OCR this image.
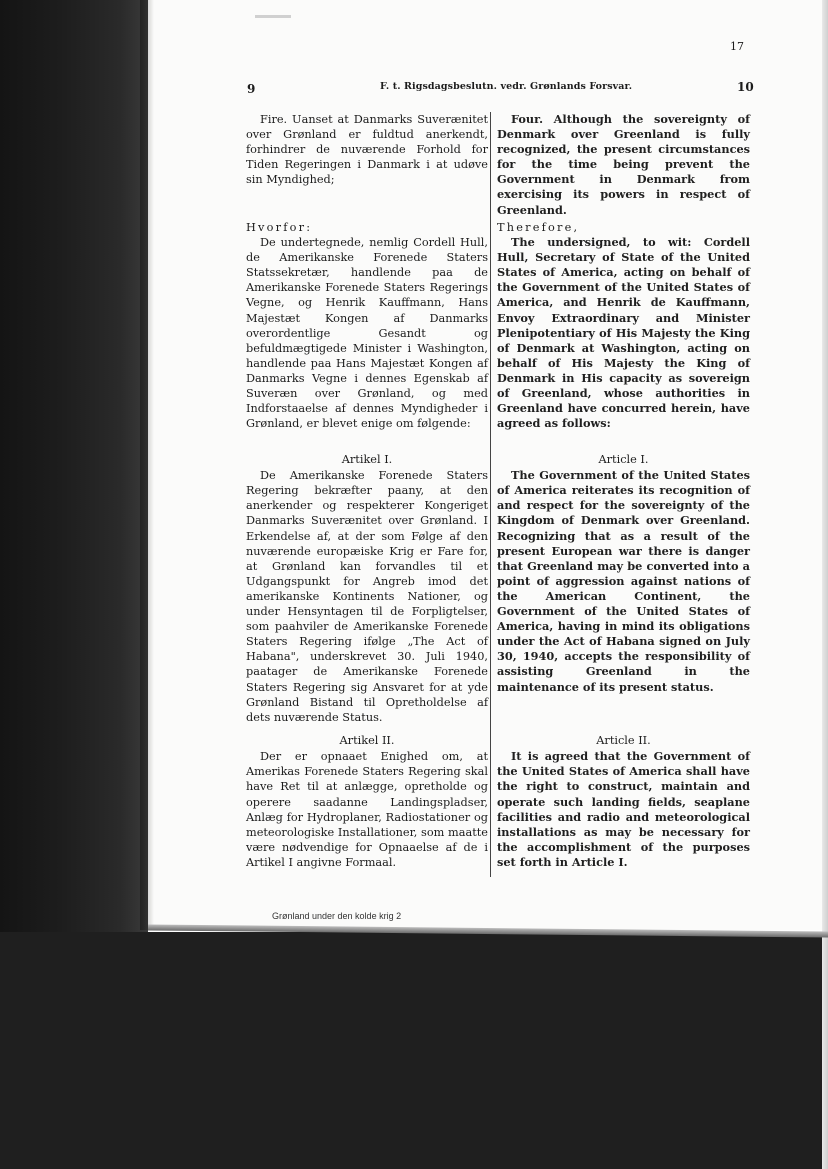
17
9	F. t. Rigsdagsbeslutn. vedr. Grønlands Forsvar.	10

Fire. Uanset at Danmarks Suverænitet over Grønland er fuldtud anerkendt, forhindrer de nuværende Forhold for Tiden Regeringen i Danmark i at udøve sin Myndighed;

Hvorfor:

De undertegnede, nemlig Cordell Hull, de Amerikanske Forenede Staters Statssekretær, handlende paa de Amerikanske Forenede Staters Regerings Vegne, og Henrik Kauffmann, Hans Majestæt Kongen af Danmarks overordentlige Gesandt og befuldmægtigede Minister i Washington, handlende paa Hans Majestæt Kongen af Danmarks Vegne i dennes Egenskab af Suveræn over Grønland, og med Indforstaaelse af dennes Myndigheder i Grønland, er blevet enige om følgende:

Artikel I.

De Amerikanske Forenede Staters Regering bekræfter paany, at den anerkender og respekterer Kongeriget Danmarks Suverænitet over Grønland. I Erkendelse af, at der som Følge af den nuværende europæiske Krig er Fare for, at Grønland kan forvandles til et Udgangspunkt for Angreb imod det amerikanske Kontinents Nationer, og under Hensyntagen til de Forpligtelser, som paahviler de Amerikanske Forenede Staters Regering ifølge „The Act of Habana", underskrevet 30. Juli 1940, paatager de Amerikanske Forenede Staters Regering sig Ansvaret for at yde Grønland Bistand til Opretholdelse af dets nuværende Status.

Artikel II.

Der er opnaaet Enighed om, at Amerikas Forenede Staters Regering skal have Ret til at anlægge, opretholde og operere saadanne Landingspladser, Anlæg for Hydroplaner, Radiostationer og meteorologiske Installationer, som maatte være nødvendige for Opnaaelse af de i Artikel I angivne Formaal.

Four. Although the sovereignty of Denmark over Greenland is fully recognized, the present circumstances for the time being prevent the Government in Denmark from exercising its powers in respect of Greenland.

Therefore,

The undersigned, to wit: Cordell Hull, Secretary of State of the United States of America, acting on behalf of the Government of the United States of America, and Henrik de Kauffmann, Envoy Extraordinary and Minister Plenipotentiary of His Majesty the King of Denmark at Washington, acting on behalf of His Majesty the King of Denmark in His capacity as sovereign of Greenland, whose authorities in Greenland have concurred herein, have agreed as follows:

Article I.

The Government of the United States of America reiterates its recognition of and respect for the sovereignty of the Kingdom of Denmark over Greenland. Recognizing that as a result of the present European war there is danger that Greenland may be converted into a point of aggression against nations of the American Continent, the Government of the United States of America, having in mind its obligations under the Act of Habana signed on July 30, 1940, accepts the responsibility of assisting Greenland in the maintenance of its present status.

Article II.

It is agreed that the Government of the United States of America shall have the right to construct, maintain and operate such landing fields, seaplane facilities and radio and meteorological installations as may be necessary for the accomplishment of the purposes set forth in Article I.

Grønland under den kolde krig 2
